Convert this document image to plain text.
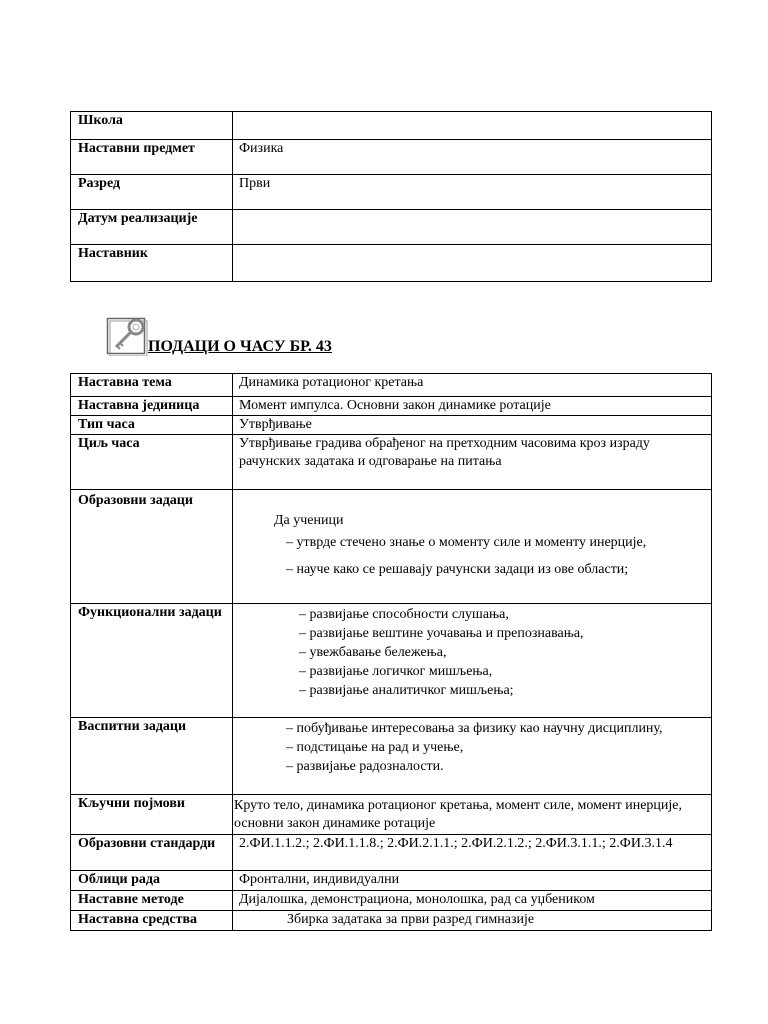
Школа	
Наставни предмет	Физика
Разред	Први
Датум реализације	
Наставник	
ПОДАЦИ О ЧАСУ БР. 43
Наставна тема	Динамика ротационог кретања
Наставна јединица	Момент импулса. Основни закон динамике ротације
Тип часа	Утврђивање
Циљ часа	Утврђивање градива обрађеног на претходним часовима кроз израду рачунских задатака и одговарање на питања
Образовни задаци	Да ученици
– утврде стечено знање о моменту силе и моменту инерције,
– науче како се решавају рачунски задаци из ове области;

Функционални задаци	– развијање способности слушања,
– развијање вештине уочавања и препознавања,
– увежбавање бележења,
– развијање логичког мишљења,
– развијање аналитичког мишљења;

Васпитни задаци	– побуђивање интересовања за физику као научну дисциплину,
– подстицање на рад и учење,
– развијање радозналости.

Кључни појмови	Круто тело, динамика ротационог кретања, момент силе, момент инерције, основни закон динамике ротације
Образовни стандарди	2.ФИ.1.1.2.; 2.ФИ.1.1.8.; 2.ФИ.2.1.1.; 2.ФИ.2.1.2.; 2.ФИ.3.1.1.; 2.ФИ.3.1.4
Облици рада	Фронтални, индивидуални
Наставне методе	Дијалошка, демонстрациона, монолошка, рад са уџбеником
Наставна средства	Збирка задатака за први разред гимназије
